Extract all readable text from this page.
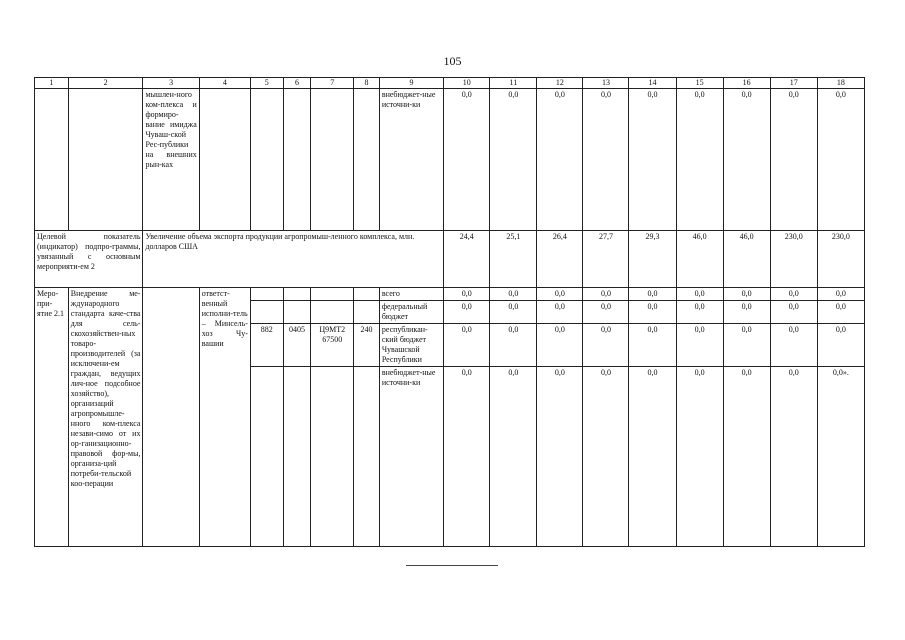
105
1	2	3	4	5	6	7	8	9	10	11	12	13	14	15	16	17	18
		мышлен-ного ком-плекса и формиро-вание имиджа Чуваш-ской Рес-публики на внешних рын-ках						внебюджет-ные источни-ки	0,0	0,0	0,0	0,0	0,0	0,0	0,0	0,0	0,0
Целевой показатель (индикатор) подпро-граммы, увязанный с основным мероприяти-ем 2		Увеличение объема экспорта продукции агропромыш-ленного комплекса, млн. долларов США							24,4	25,1	26,4	27,7	29,3	46,0	46,0	230,0	230,0
Меро-при-ятие 2.1	Внедрение ме-ждународного стандарта каче-ства для сель-скохозяйствен-ных товаро-производителей (за исключени-ем граждан, ведущих лич-ное подсобное хозяйство), организаций агропромышле-нного ком-плекса незави-симо от их ор-ганизационно-правовой фор-мы, организа-ций потреби-тельской коо-перации		ответст-венный исполни-тель – Минсель-хоз Чу-вашии					всего	0,0	0,0	0,0	0,0	0,0	0,0	0,0	0,0	0,0
								федеральный бюджет	0,0	0,0	0,0	0,0	0,0	0,0	0,0	0,0	0,0
				882	0405	Ц9МТ2 67500	240	республикан-ский бюджет Чувашской Республики	0,0	0,0	0,0	0,0	0,0	0,0	0,0	0,0	0,0
								внебюджет-ные источни-ки	0,0	0,0	0,0	0,0	0,0	0,0	0,0	0,0	0,0».
